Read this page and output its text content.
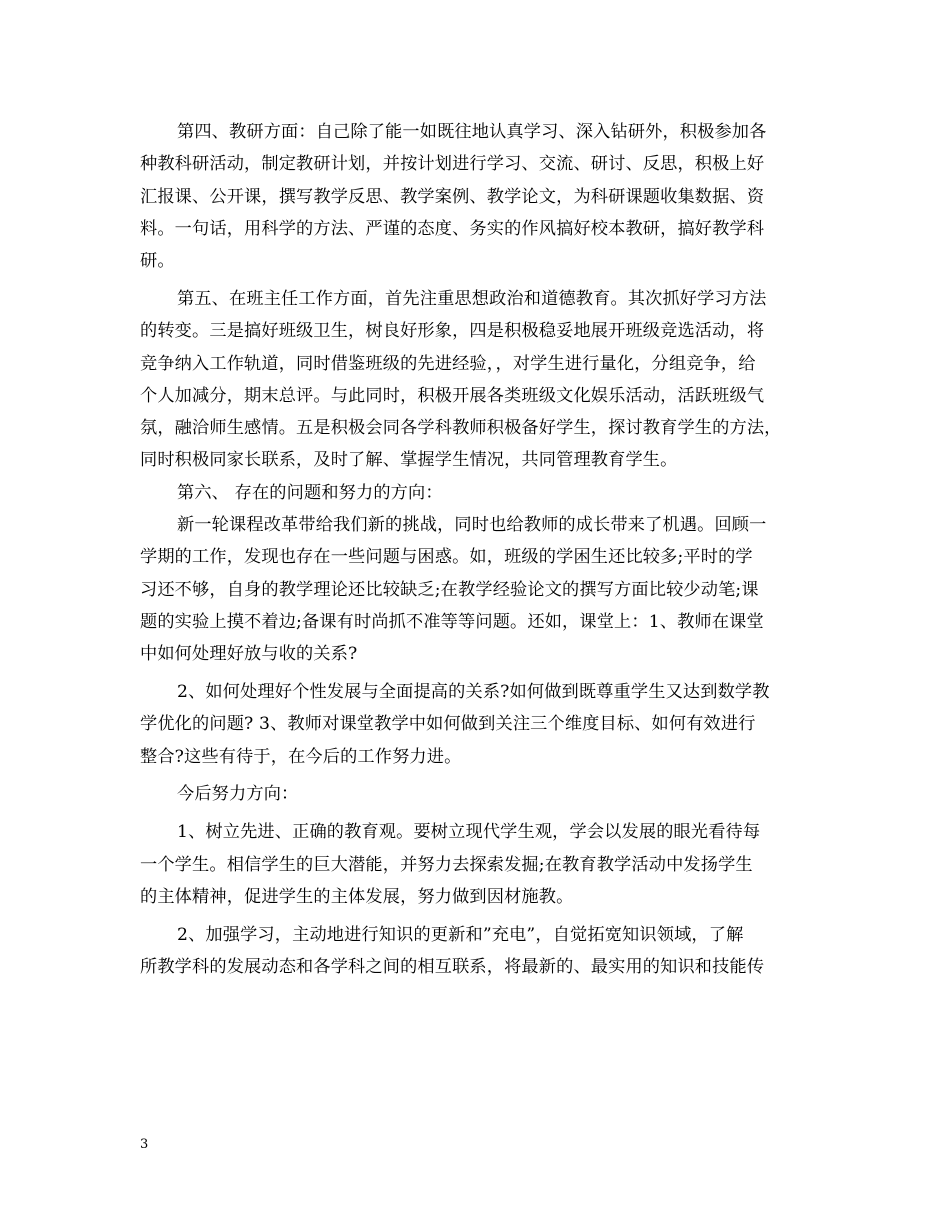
第四、教研方面：自己除了能一如既往地认真学习、深入钻研外，积极参加各
种教科研活动，制定教研计划，并按计划进行学习、交流、研讨、反思，积极上好
汇报课、公开课，撰写教学反思、教学案例、教学论文，为科研课题收集数据、资
料。一句话，用科学的方法、严谨的态度、务实的作风搞好校本教研，搞好教学科
研。
第五、在班主任工作方面，首先注重思想政治和道德教育。其次抓好学习方法
的转变。三是搞好班级卫生，树良好形象，四是积极稳妥地展开班级竞选活动，将
竞争纳入工作轨道，同时借鉴班级的先进经验，，对学生进行量化，分组竞争，给
个人加减分，期末总评。与此同时，积极开展各类班级文化娱乐活动，活跃班级气
氛，融洽师生感情。五是积极会同各学科教师积极备好学生，探讨教育学生的方法，
同时积极同家长联系，及时了解、掌握学生情况，共同管理教育学生。
第六、 存在的问题和努力的方向：
新一轮课程改革带给我们新的挑战，同时也给教师的成长带来了机遇。回顾一
学期的工作，发现也存在一些问题与困惑。如，班级的学困生还比较多;平时的学
习还不够，自身的教学理论还比较缺乏;在教学经验论文的撰写方面比较少动笔;课
题的实验上摸不着边;备课有时尚抓不准等等问题。还如，课堂上：1、教师在课堂
中如何处理好放与收的关系?
2、如何处理好个性发展与全面提高的关系?如何做到既尊重学生又达到数学教
学优化的问题? 3、教师对课堂教学中如何做到关注三个维度目标、如何有效进行
整合?这些有待于，在今后的工作努力进。
今后努力方向：
1、树立先进、正确的教育观。要树立现代学生观，学会以发展的眼光看待每
一个学生。相信学生的巨大潜能，并努力去探索发掘;在教育教学活动中发扬学生
的主体精神，促进学生的主体发展，努力做到因材施教。
2、加强学习，主动地进行知识的更新和”充电”，自觉拓宽知识领域，了解
所教学科的发展动态和各学科之间的相互联系，将最新的、最实用的知识和技能传
3
